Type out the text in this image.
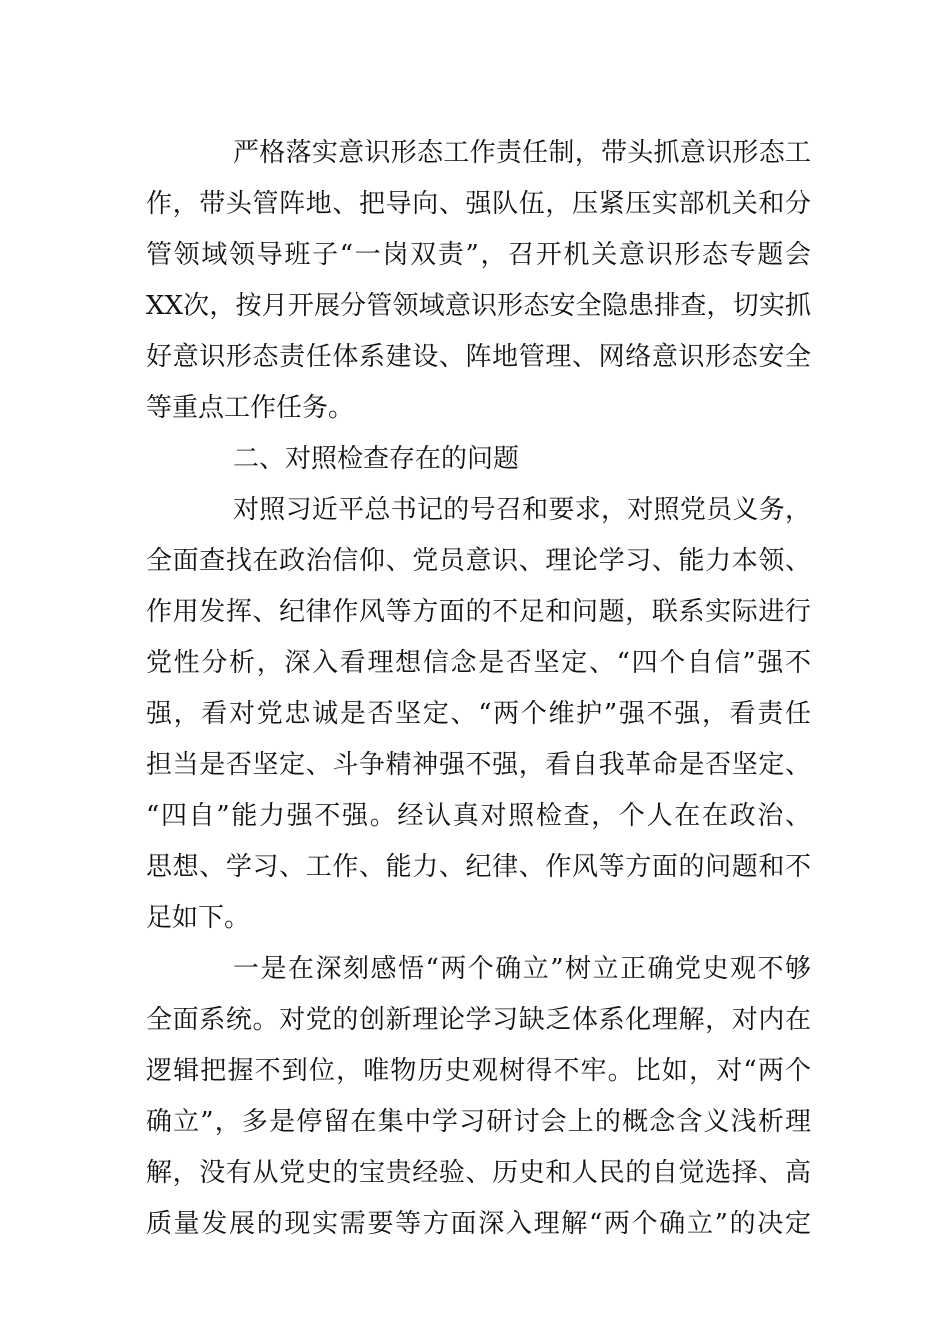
严格落实意识形态工作责任制，带头抓意识形态工
作，带头管阵地、把导向、强队伍，压紧压实部机关和分
管领域领导班子“一岗双责”，召开机关意识形态专题会
XX次，按月开展分管领域意识形态安全隐患排查，切实抓
好意识形态责任体系建设、阵地管理、网络意识形态安全
等重点工作任务。
二、对照检查存在的问题
对照习近平总书记的号召和要求，对照党员义务，
全面查找在政治信仰、党员意识、理论学习、能力本领、
作用发挥、纪律作风等方面的不足和问题，联系实际进行
党性分析，深入看理想信念是否坚定、“四个自信”强不
强，看对党忠诚是否坚定、“两个维护”强不强，看责任
担当是否坚定、斗争精神强不强，看自我革命是否坚定、
“四自”能力强不强。经认真对照检查，个人在在政治、
思想、学习、工作、能力、纪律、作风等方面的问题和不
足如下。
一是在深刻感悟“两个确立”树立正确党史观不够
全面系统。对党的创新理论学习缺乏体系化理解，对内在
逻辑把握不到位，唯物历史观树得不牢。比如，对“两个
确立”，多是停留在集中学习研讨会上的概念含义浅析理
解，没有从党史的宝贵经验、历史和人民的自觉选择、高
质量发展的现实需要等方面深入理解“两个确立”的决定
